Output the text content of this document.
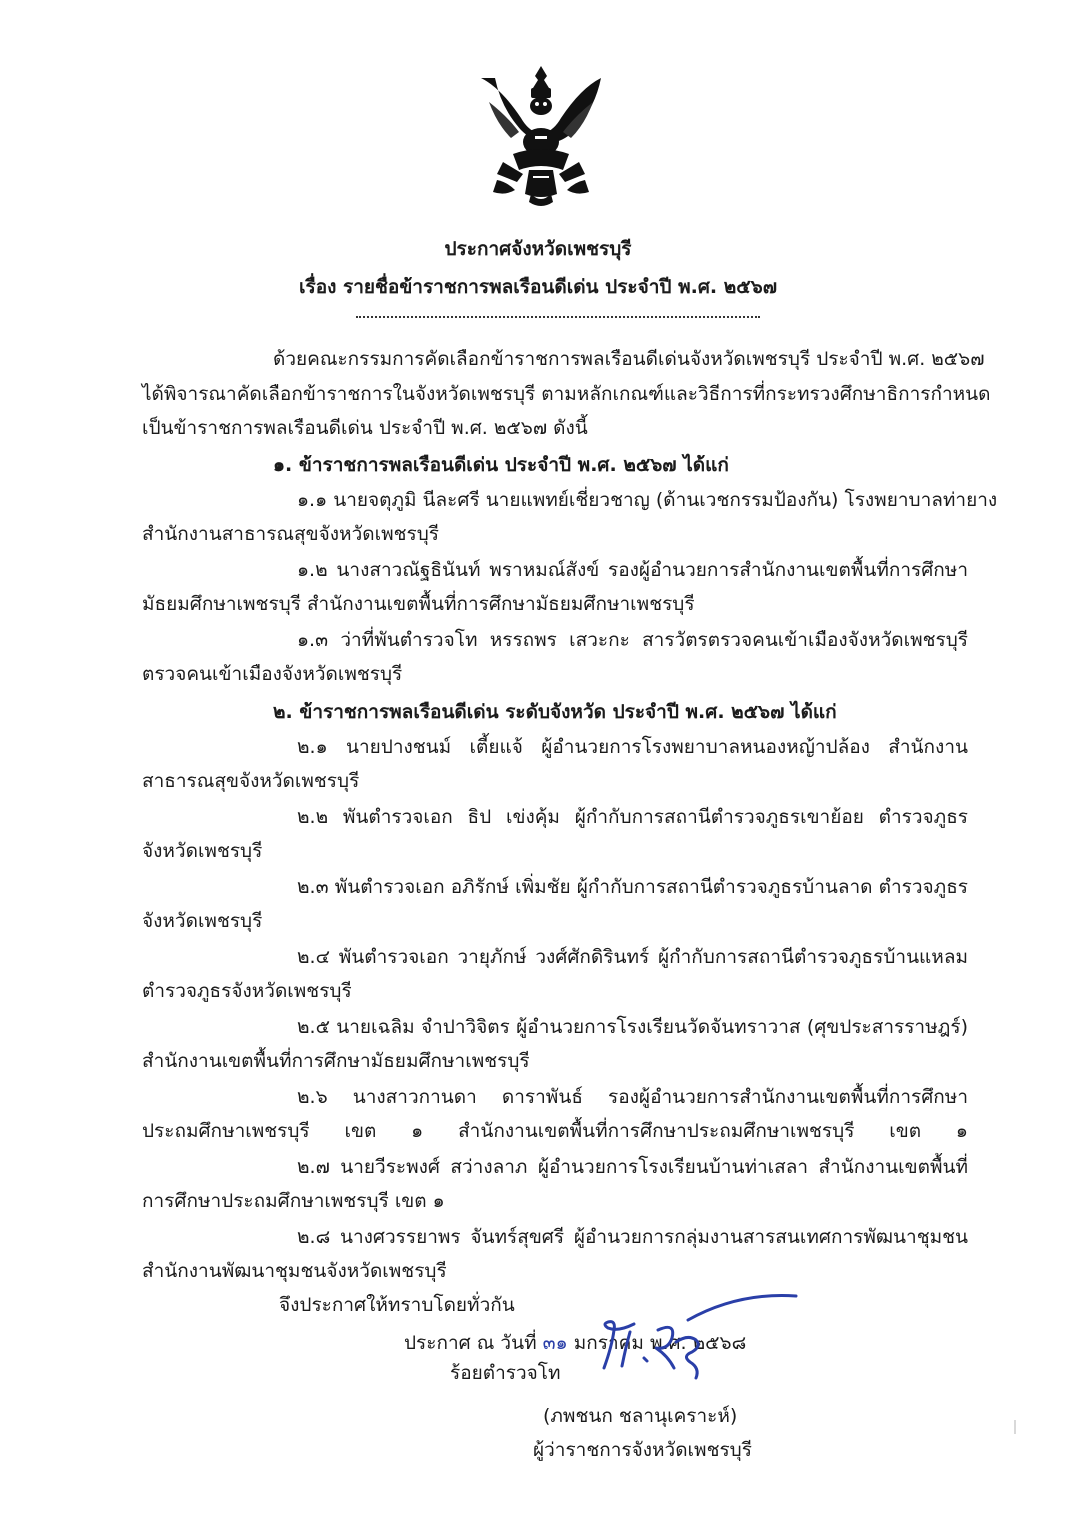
ประกาศจังหวัดเพชรบุรี
เรื่อง รายชื่อข้าราชการพลเรือนดีเด่น ประจำปี พ.ศ. ๒๕๖๗
ด้วยคณะกรรมการคัดเลือกข้าราชการพลเรือนดีเด่นจังหวัดเพชรบุรี ประจำปี พ.ศ. ๒๕๖๗
ได้พิจารณาคัดเลือกข้าราชการในจังหวัดเพชรบุรี ตามหลักเกณฑ์และวิธีการที่กระทรวงศึกษาธิการกำหนด
เป็นข้าราชการพลเรือนดีเด่น ประจำปี พ.ศ. ๒๕๖๗ ดังนี้
๑. ข้าราชการพลเรือนดีเด่น ประจำปี พ.ศ. ๒๕๖๗ ได้แก่
๑.๑ นายจตุภูมิ นีละศรี นายแพทย์เชี่ยวชาญ (ด้านเวชกรรมป้องกัน) โรงพยาบาลท่ายาง
สำนักงานสาธารณสุขจังหวัดเพชรบุรี
๑.๒ นางสาวณัฐธินันท์ พราหมณ์สังข์ รองผู้อำนวยการสำนักงานเขตพื้นที่การศึกษา
มัธยมศึกษาเพชรบุรี สำนักงานเขตพื้นที่การศึกษามัธยมศึกษาเพชรบุรี
๑.๓ ว่าที่พันตำรวจโท หรรถพร เสวะกะ สารวัตรตรวจคนเข้าเมืองจังหวัดเพชรบุรี
ตรวจคนเข้าเมืองจังหวัดเพชรบุรี
๒. ข้าราชการพลเรือนดีเด่น ระดับจังหวัด ประจำปี พ.ศ. ๒๕๖๗ ได้แก่
๒.๑ นายปางชนม์ เตี้ยแจ้ ผู้อำนวยการโรงพยาบาลหนองหญ้าปล้อง สำนักงาน
สาธารณสุขจังหวัดเพชรบุรี
๒.๒ พันตำรวจเอก ธิป เข่งคุ้ม ผู้กำกับการสถานีตำรวจภูธรเขาย้อย ตำรวจภูธร
จังหวัดเพชรบุรี
๒.๓ พันตำรวจเอก อภิรักษ์ เพิ่มชัย ผู้กำกับการสถานีตำรวจภูธรบ้านลาด ตำรวจภูธร
จังหวัดเพชรบุรี
๒.๔ พันตำรวจเอก วายุภักษ์ วงศ์ศักดิรินทร์ ผู้กำกับการสถานีตำรวจภูธรบ้านแหลม
ตำรวจภูธรจังหวัดเพชรบุรี
๒.๕ นายเฉลิม จำปาวิจิตร ผู้อำนวยการโรงเรียนวัดจันทราวาส (ศุขประสารราษฎร์)
สำนักงานเขตพื้นที่การศึกษามัธยมศึกษาเพชรบุรี
๒.๖ นางสาวกานดา ดาราพันธ์ รองผู้อำนวยการสำนักงานเขตพื้นที่การศึกษา
ประถมศึกษาเพชรบุรี เขต ๑ สำนักงานเขตพื้นที่การศึกษาประถมศึกษาเพชรบุรี เขต ๑
๒.๗ นายวีระพงศ์ สว่างลาภ ผู้อำนวยการโรงเรียนบ้านท่าเสลา สำนักงานเขตพื้นที่
การศึกษาประถมศึกษาเพชรบุรี เขต ๑
๒.๘ นางศวรรยาพร จันทร์สุขศรี ผู้อำนวยการกลุ่มงานสารสนเทศการพัฒนาชุมชน
สำนักงานพัฒนาชุมชนจังหวัดเพชรบุรี
จึงประกาศให้ทราบโดยทั่วกัน
ประกาศ ณ วันที่ ๓๑ มกราคม พ.ศ. ๒๕๖๘
ร้อยตำรวจโท
(ภพชนก ชลานุเคราะห์)
ผู้ว่าราชการจังหวัดเพชรบุรี
